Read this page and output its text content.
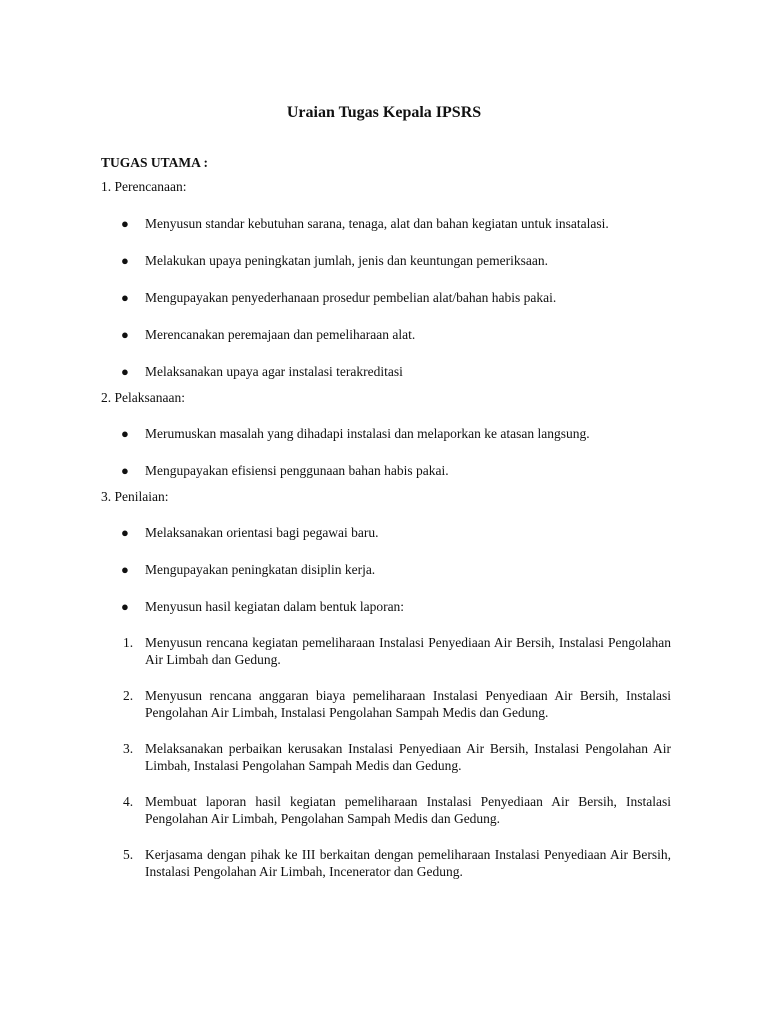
Uraian Tugas Kepala IPSRS
TUGAS UTAMA :

1. Perencanaan:

● Menyusun standar kebutuhan sarana, tenaga, alat dan bahan kegiatan untuk insatalasi.
● Melakukan upaya peningkatan jumlah, jenis dan keuntungan pemeriksaan.
● Mengupayakan penyederhanaan prosedur pembelian alat/bahan habis pakai.
● Merencanakan peremajaan dan pemeliharaan alat.
● Melaksanakan upaya agar instalasi terakreditasi

2. Pelaksanaan:

● Merumuskan masalah yang dihadapi instalasi dan melaporkan ke atasan langsung.
● Mengupayakan efisiensi penggunaan bahan habis pakai.

3. Penilaian:

● Melaksanakan orientasi bagi pegawai baru.
● Mengupayakan peningkatan disiplin kerja.
● Menyusun hasil kegiatan dalam bentuk laporan:
1. Menyusun rencana kegiatan pemeliharaan Instalasi Penyediaan Air Bersih, Instalasi Pengolahan Air Limbah dan Gedung.
2. Menyusun rencana anggaran biaya pemeliharaan Instalasi Penyediaan Air Bersih, Instalasi Pengolahan Air Limbah, Instalasi Pengolahan Sampah Medis dan Gedung.
3. Melaksanakan perbaikan kerusakan Instalasi Penyediaan Air Bersih, Instalasi Pengolahan Air Limbah, Instalasi Pengolahan Sampah Medis dan Gedung.
4. Membuat laporan hasil kegiatan pemeliharaan Instalasi Penyediaan Air Bersih, Instalasi Pengolahan Air Limbah, Pengolahan Sampah Medis dan Gedung.
5. Kerjasama dengan pihak ke III berkaitan dengan pemeliharaan Instalasi Penyediaan Air Bersih, Instalasi Pengolahan Air Limbah, Incenerator dan Gedung.
